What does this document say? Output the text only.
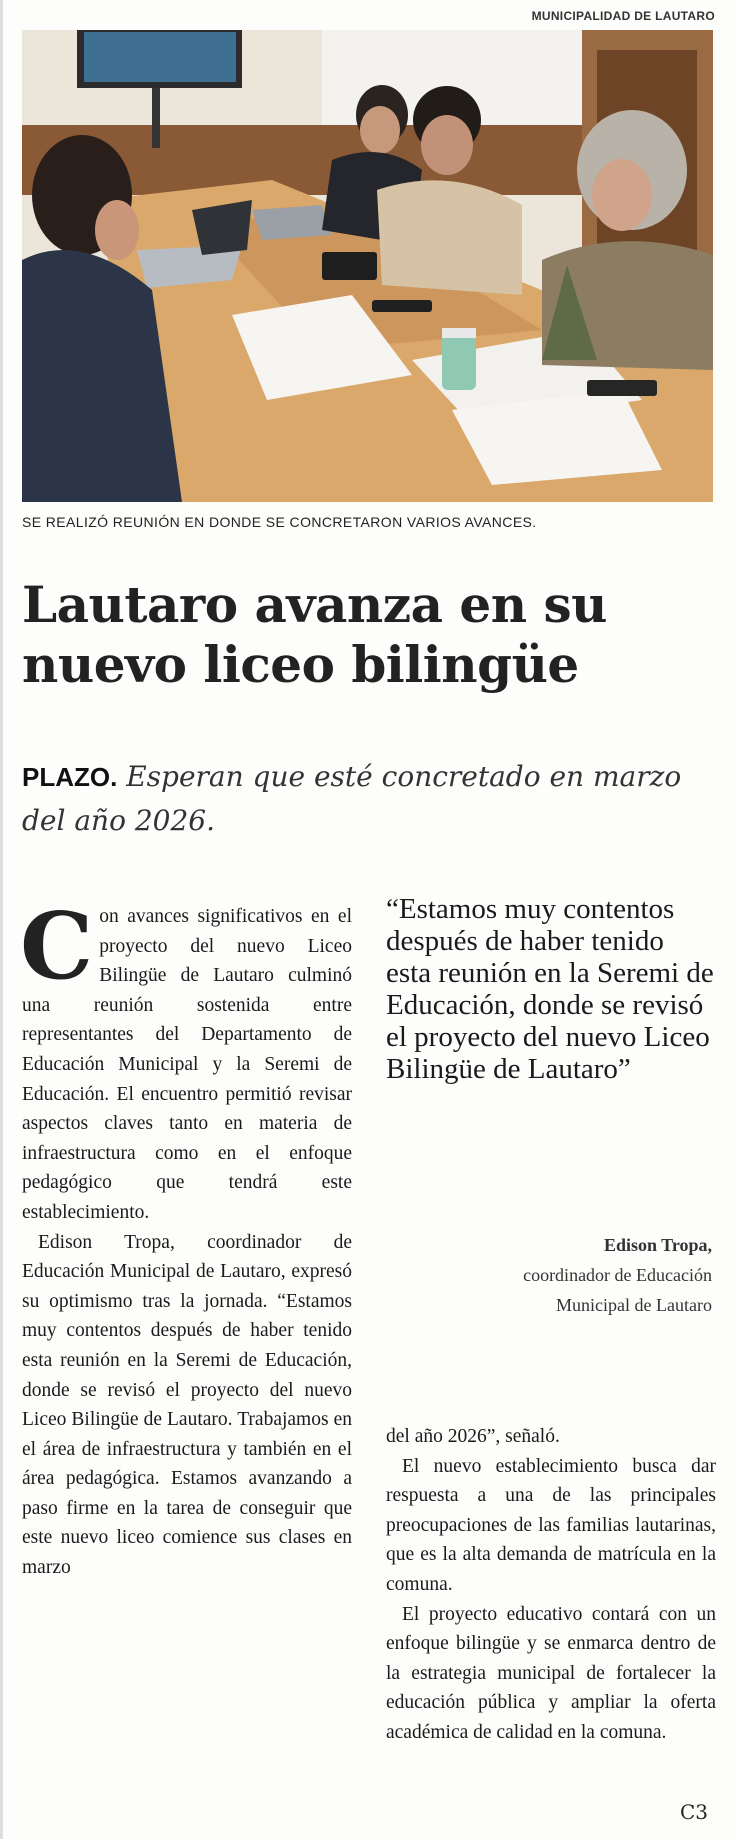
MUNICIPALIDAD DE LAUTARO
SE REALIZÓ REUNIÓN EN DONDE SE CONCRETARON VARIOS AVANCES.
Lautaro avanza en su
nuevo liceo bilingüe
PLAZO. Esperan que esté concretado en marzo del año 2026.

Con avances significativos en el proyecto del nuevo Liceo Bilingüe de Lautaro culminó una reunión sostenida entre representantes del Departamento de Educación Municipal y la Seremi de Educación. El encuentro permitió revisar aspectos claves tanto en materia de infraestructura como en el enfoque pedagógico que tendrá este establecimiento.

Edison Tropa, coordinador de Educación Municipal de Lautaro, expresó su optimismo tras la jornada. “Estamos muy contentos después de haber tenido esta reunión en la Seremi de Educación, donde se revisó el proyecto del nuevo Liceo Bilingüe de Lautaro. Trabajamos en el área de infraestructura y también en el área pedagógica. Estamos avanzando a paso firme en la tarea de conseguir que este nuevo liceo comience sus clases en marzo

“Estamos muy contentos después de haber tenido esta reunión en la Seremi de Educación, donde se revisó el proyecto del nuevo Liceo Bilingüe de Lautaro”
Edison Tropa,
coordinador de Educación
Municipal de Lautaro

del año 2026”, señaló.

El nuevo establecimiento busca dar respuesta a una de las principales preocupaciones de las familias lautarinas, que es la alta demanda de matrícula en la comuna.

El proyecto educativo contará con un enfoque bilingüe y se enmarca dentro de la estrategia municipal de fortalecer la educación pública y ampliar la oferta académica de calidad en la comuna.

C3
